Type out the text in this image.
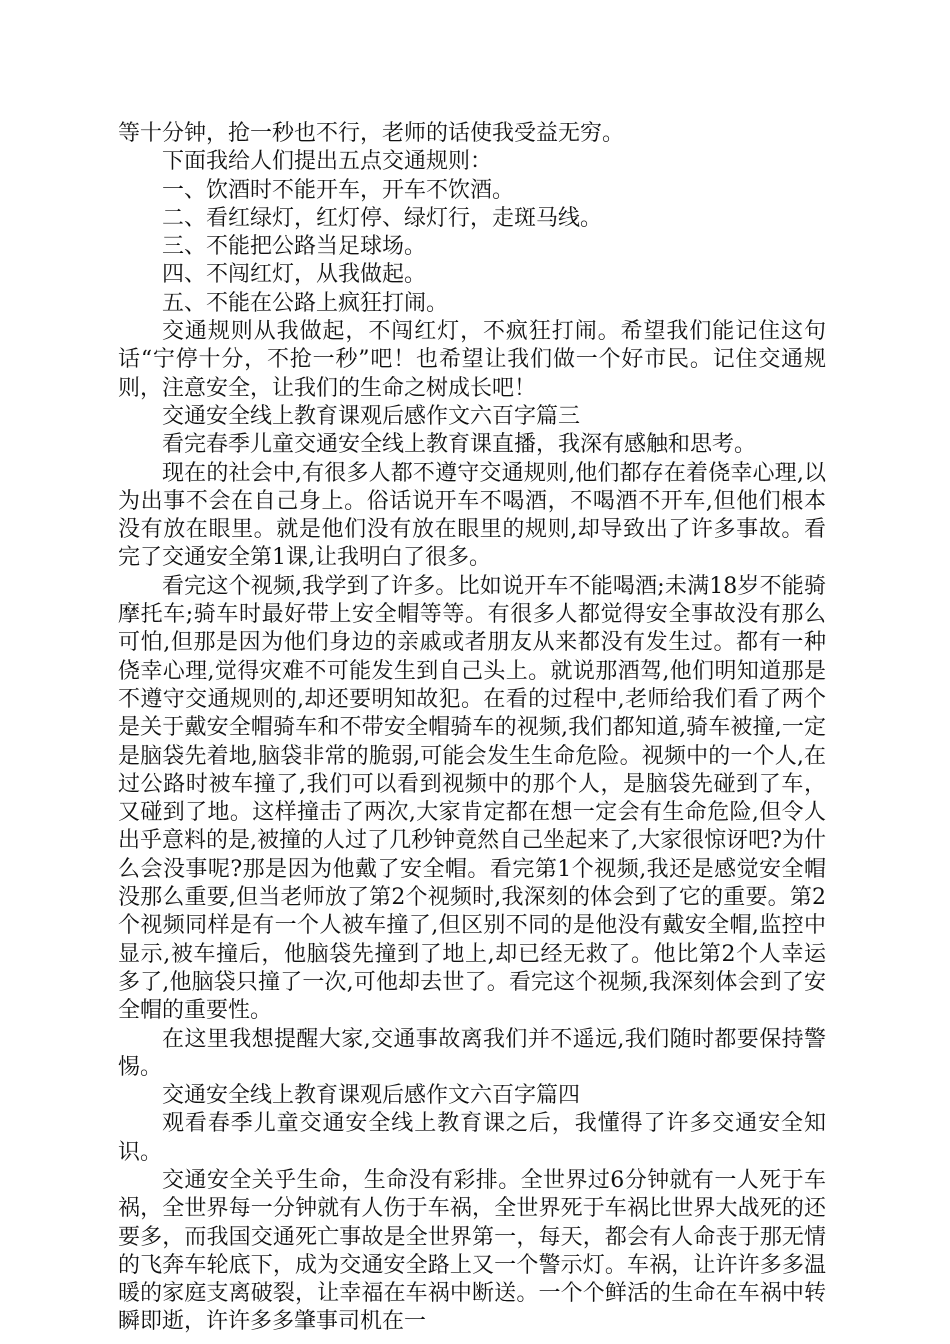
等十分钟，抢一秒也不行，老师的话使我受益无穷。

下面我给人们提出五点交通规则：

一、饮酒时不能开车，开车不饮酒。

二、看红绿灯，红灯停、绿灯行，走斑马线。

三、不能把公路当足球场。

四、不闯红灯，从我做起。

五、不能在公路上疯狂打闹。

交通规则从我做起，不闯红灯，不疯狂打闹。希望我们能记住这句话“宁停十分，不抢一秒”吧！也希望让我们做一个好市民。记住交通规则，注意安全，让我们的生命之树成长吧！

交通安全线上教育课观后感作文六百字篇三

看完春季儿童交通安全线上教育课直播，我深有感触和思考。

现在的社会中,有很多人都不遵守交通规则,他们都存在着侥幸心理,以为出事不会在自己身上。俗话说开车不喝酒，不喝酒不开车,但他们根本没有放在眼里。就是他们没有放在眼里的规则,却导致出了许多事故。看完了交通安全第1课,让我明白了很多。

看完这个视频,我学到了许多。比如说开车不能喝酒;未满18岁不能骑摩托车;骑车时最好带上安全帽等等。有很多人都觉得安全事故没有那么可怕,但那是因为他们身边的亲戚或者朋友从来都没有发生过。都有一种侥幸心理,觉得灾难不可能发生到自己头上。就说那酒驾,他们明知道那是不遵守交通规则的,却还要明知故犯。在看的过程中,老师给我们看了两个是关于戴安全帽骑车和不带安全帽骑车的视频,我们都知道,骑车被撞,一定是脑袋先着地,脑袋非常的脆弱,可能会发生生命危险。视频中的一个人,在过公路时被车撞了,我们可以看到视频中的那个人，是脑袋先碰到了车，又碰到了地。这样撞击了两次,大家肯定都在想一定会有生命危险,但令人出乎意料的是,被撞的人过了几秒钟竟然自己坐起来了,大家很惊讶吧?为什么会没事呢?那是因为他戴了安全帽。看完第1个视频,我还是感觉安全帽没那么重要,但当老师放了第2个视频时,我深刻的体会到了它的重要。第2个视频同样是有一个人被车撞了,但区别不同的是他没有戴安全帽,监控中显示,被车撞后，他脑袋先撞到了地上,却已经无救了。他比第2个人幸运多了,他脑袋只撞了一次,可他却去世了。看完这个视频,我深刻体会到了安全帽的重要性。

在这里我想提醒大家,交通事故离我们并不遥远,我们随时都要保持警惕。

交通安全线上教育课观后感作文六百字篇四

观看春季儿童交通安全线上教育课之后，我懂得了许多交通安全知识。

交通安全关乎生命，生命没有彩排。全世界过6分钟就有一人死于车祸，全世界每一分钟就有人伤于车祸，全世界死于车祸比世界大战死的还要多，而我国交通死亡事故是全世界第一，每天，都会有人命丧于那无情的飞奔车轮底下，成为交通安全路上又一个警示灯。车祸，让许许多多温暖的家庭支离破裂，让幸福在车祸中断送。一个个鲜活的生命在车祸中转瞬即逝，许许多多肇事司机在一
